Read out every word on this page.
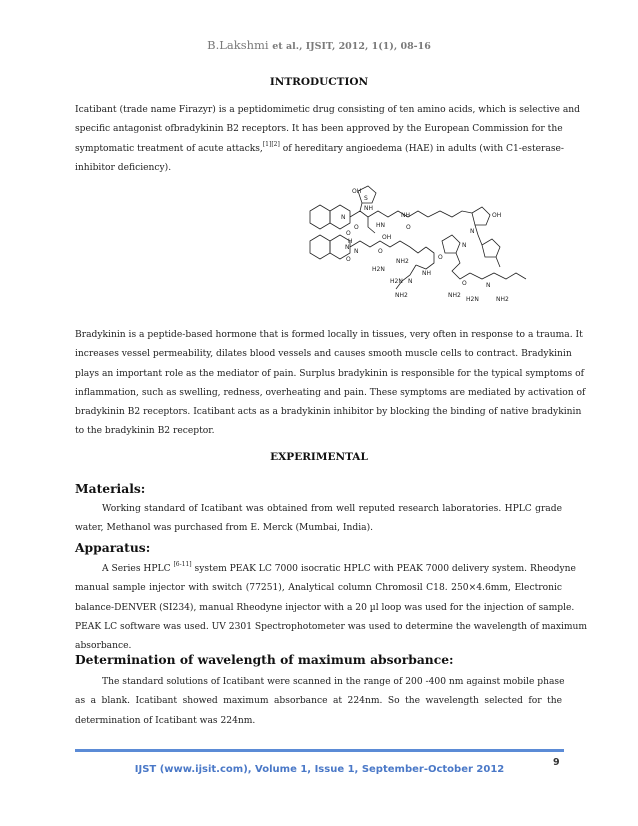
B.Lakshmi et al., IJSIT, 2012, 1(1), 08-16
INTRODUCTION
Icatibant (trade name Firazyr) is a peptidomimetic drug consisting of ten amino acids, which is selective and
specific antagonist ofbradykinin B2 receptors. It has been approved by the European Commission for the
symptomatic treatment of acute attacks,[1][2] of hereditary angioedema (HAE) in adults (with C1-esterase-
inhibitor deficiency).
OH
S
NH
N
O	HN
NH	OH
O
N
O
H
N
OH
O
N	O
N
H2N
NH2
NH
O
H2N N
NH2	NH2
H2N	NH2
N
O
Bradykinin is a peptide-based hormone that is formed locally in tissues, very often in response to a trauma. It
increases vessel permeability, dilates blood vessels and causes smooth muscle cells to contract. Bradykinin
plays an important role as the mediator of pain. Surplus bradykinin is responsible for the typical symptoms of
inflammation, such as swelling, redness, overheating and pain. These symptoms are mediated by activation of
bradykinin B2 receptors. Icatibant acts as a bradykinin inhibitor by blocking the binding of native bradykinin
to the bradykinin B2 receptor.
EXPERIMENTAL
Materials:
Working standard of Icatibant was obtained from well reputed research laboratories. HPLC grade
water, Methanol was purchased from E. Merck (Mumbai, India).
Apparatus:
A Series HPLC [6-11] system PEAK LC 7000 isocratic HPLC with PEAK 7000 delivery system. Rheodyne
manual sample injector with switch (77251), Analytical column Chromosil C18. 250×4.6mm, Electronic
balance-DENVER (SI234), manual Rheodyne injector with a 20 µl loop was used for the injection of sample.
PEAK LC software was used. UV 2301 Spectrophotometer was used to determine the wavelength of maximum
absorbance.
Determination of wavelength of maximum absorbance:
The standard solutions of Icatibant were scanned in the range of 200 -400 nm against mobile phase
as a blank. Icatibant showed maximum absorbance at 224nm. So the wavelength selected for the
determination of Icatibant was 224nm.
9
IJST (www.ijsit.com), Volume 1, Issue 1, September-October 2012
